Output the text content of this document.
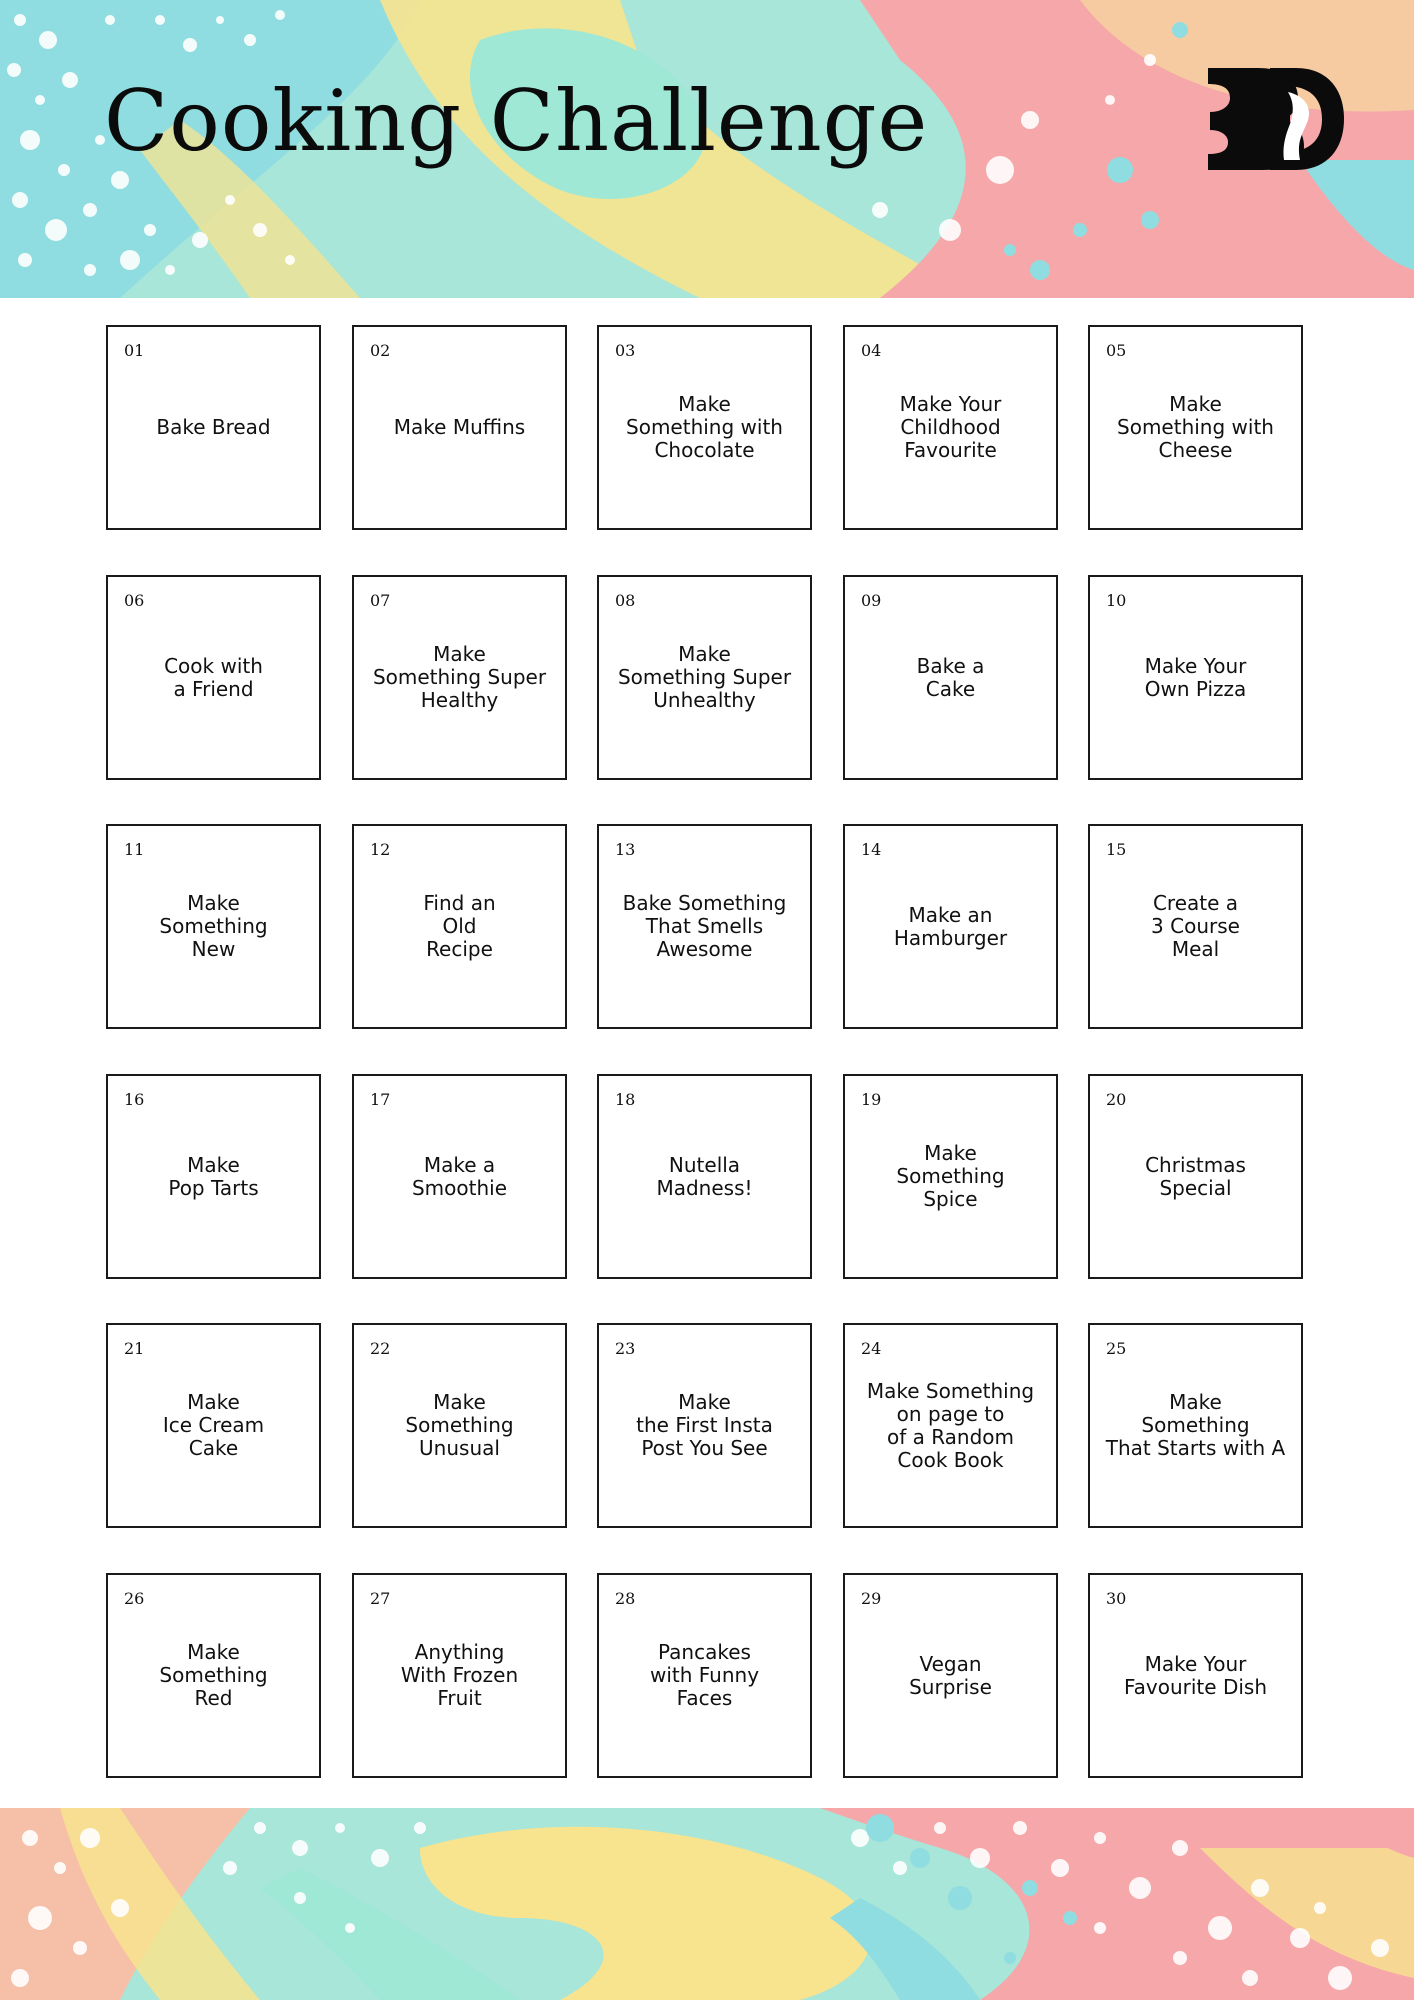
Cooking Challenge
01
Bake Bread
02
Make Muffins
03
Make
Something with
Chocolate
04
Make Your
Childhood
Favourite
05
Make
Something with
Cheese
06
Cook with
a Friend
07
Make
Something Super
Healthy
08
Make
Something Super
Unhealthy
09
Bake a
Cake
10
Make Your
Own Pizza
11
Make
Something
New
12
Find an
Old
Recipe
13
Bake Something
That Smells
Awesome
14
Make an
Hamburger
15
Create a
3 Course
Meal
16
Make
Pop Tarts
17
Make a
Smoothie
18
Nutella
Madness!
19
Make
Something
Spice
20
Christmas
Special
21
Make
Ice Cream
Cake
22
Make
Something
Unusual
23
Make
the First Insta
Post You See
24
Make Something
on page to
of a Random
Cook Book
25
Make
Something
That Starts with A
26
Make
Something
Red
27
Anything
With Frozen
Fruit
28
Pancakes
with Funny
Faces
29
Vegan
Surprise
30
Make Your
Favourite Dish
